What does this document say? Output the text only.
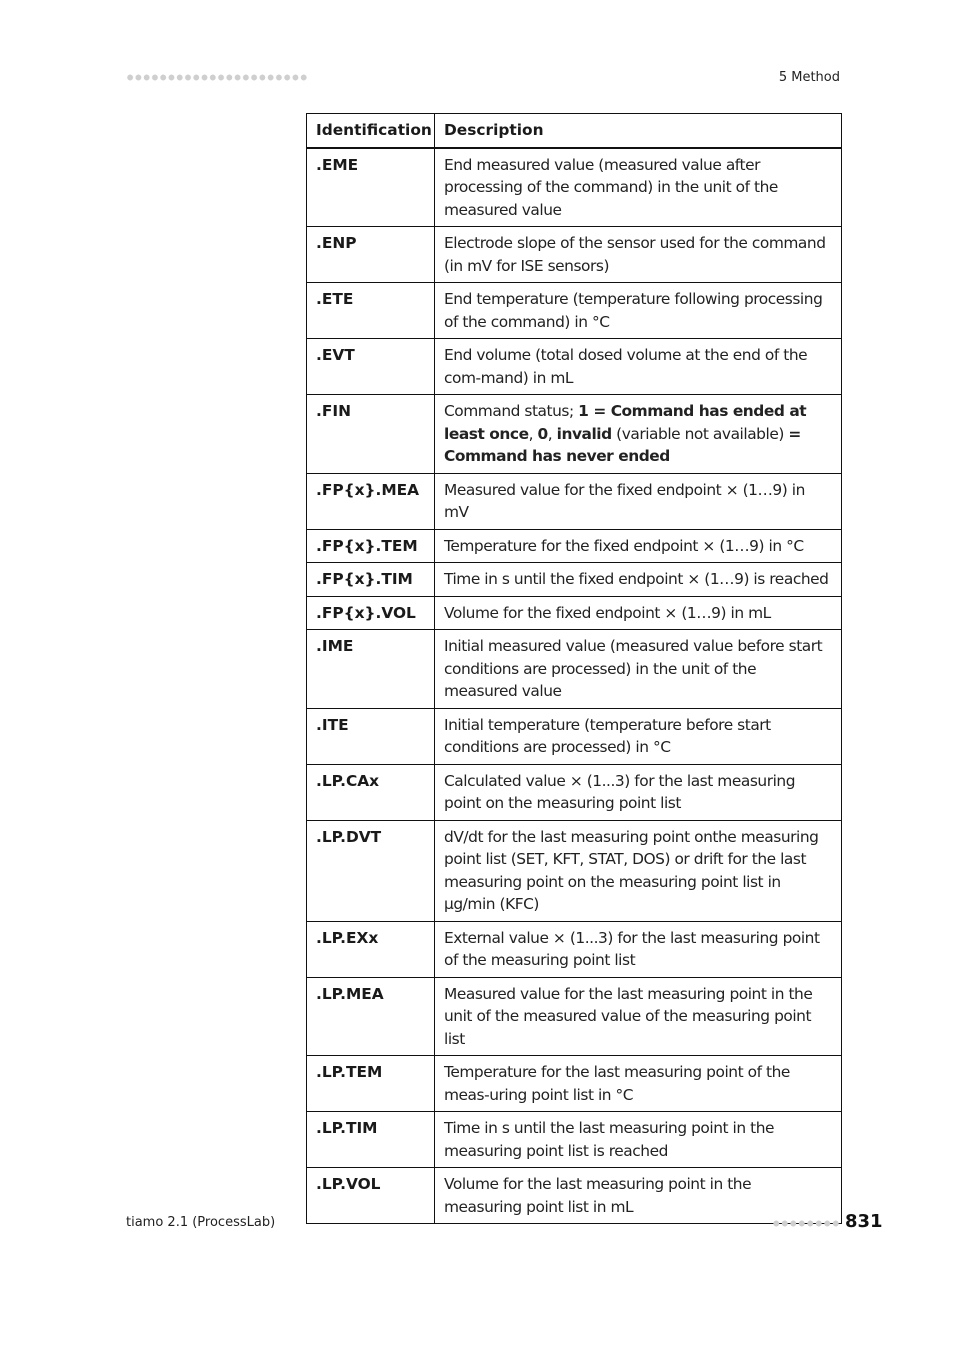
5 Method
Identification	Description
.EME	End measured value (measured value after processing of the command) in the unit of the measured value
.ENP	Electrode slope of the sensor used for the command (in mV for ISE sensors)
.ETE	End temperature (temperature following processing of the command) in °C
.EVT	End volume (total dosed volume at the end of the com-mand) in mL
.FIN	Command status; 1 = Command has ended at least once, 0, invalid (variable not available) = Command has never ended
.FP{x}.MEA	Measured value for the fixed endpoint × (1…9) in mV
.FP{x}.TEM	Temperature for the fixed endpoint × (1…9) in °C
.FP{x}.TIM	Time in s until the fixed endpoint × (1…9) is reached
.FP{x}.VOL	Volume for the fixed endpoint × (1…9) in mL
.IME	Initial measured value (measured value before start conditions are processed) in the unit of the measured value
.ITE	Initial temperature (temperature before start conditions are processed) in °C
.LP.CAx	Calculated value × (1...3) for the last measuring point on the measuring point list
.LP.DVT	dV/dt for the last measuring point onthe measuring point list (SET, KFT, STAT, DOS) or drift for the last measuring point on the measuring point list in µg/min (KFC)
.LP.EXx	External value × (1...3) for the last measuring point of the measuring point list
.LP.MEA	Measured value for the last measuring point in the unit of the measured value of the measuring point list
.LP.TEM	Temperature for the last measuring point of the meas-uring point list in °C
.LP.TIM	Time in s until the last measuring point in the measuring point list is reached
.LP.VOL	Volume for the last measuring point in the measuring point list in mL
tiamo 2.1 (ProcessLab)	831
